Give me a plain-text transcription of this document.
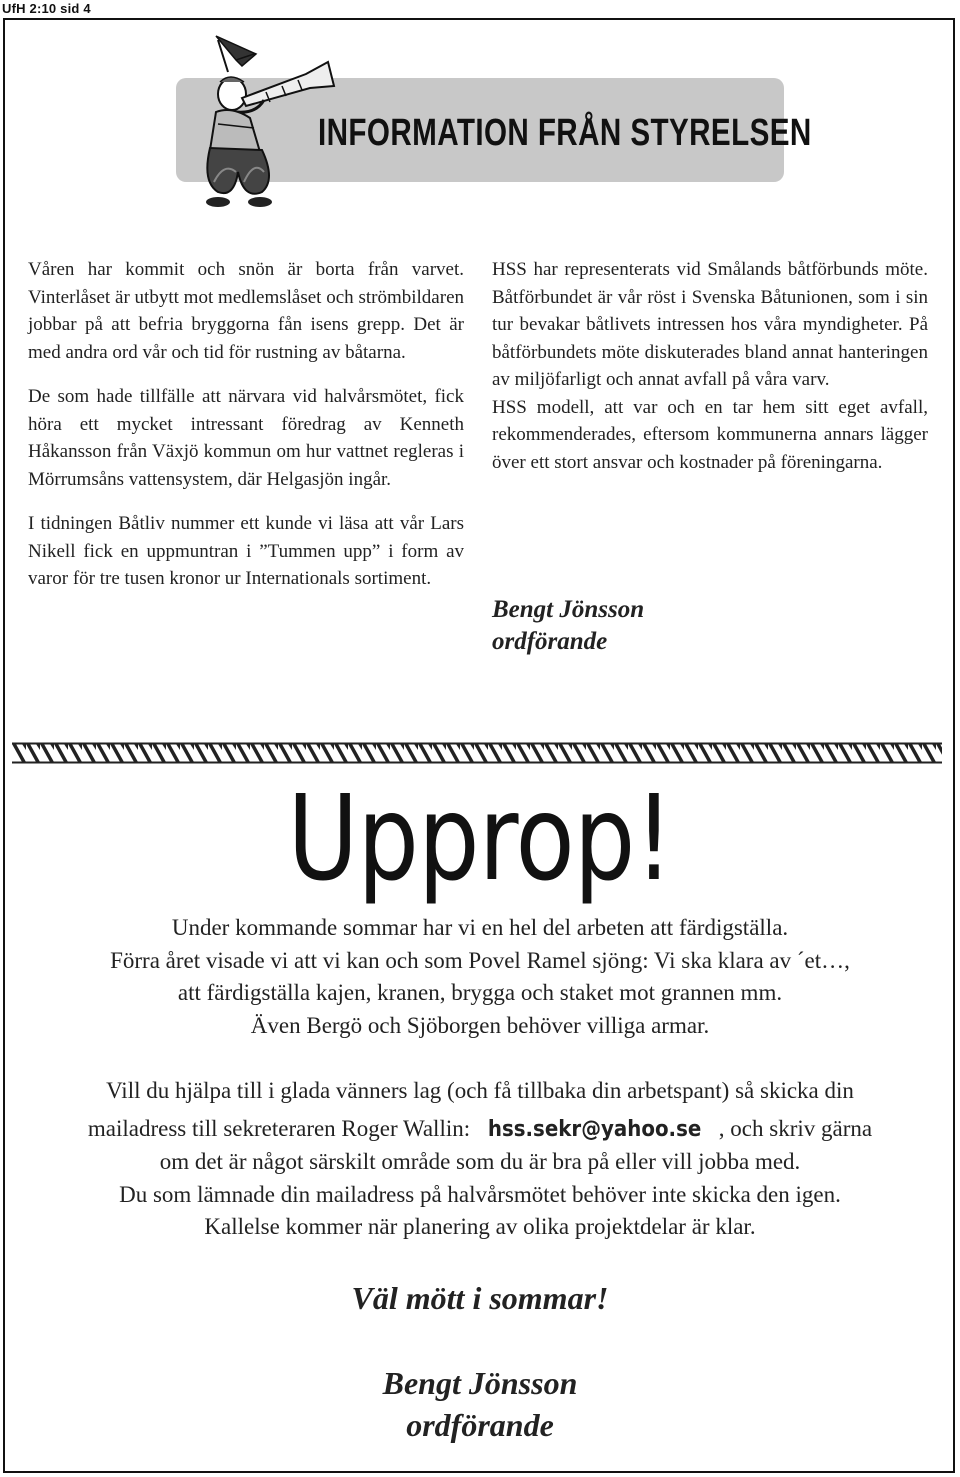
UfH 2:10 sid 4
INFORMATION FRÅN STYRELSEN

Våren har kommit och snön är borta från varvet. Vinterlåset är utbytt mot medlemslåset och strömbildaren jobbar på att befria bryggorna fån isens grepp. Det är med andra ord vår och tid för rustning av båtarna.

De som hade tillfälle att närvara vid halvårsmötet, fick höra ett mycket intressant föredrag av Kenneth Håkansson från Växjö kommun om hur vattnet regleras i Mörrumsåns vattensystem, där Helgasjön ingår.

I tidningen Båtliv nummer ett kunde vi läsa att vår Lars Nikell fick en uppmuntran i ”Tummen upp” i form av varor för tre tusen kronor ur Internationals sortiment.

HSS har representerats vid Smålands båtförbunds möte. Båtförbundet är vår röst i Svenska Båtunionen, som i sin tur bevakar båtlivets intressen hos våra myndigheter. På båtförbundets möte diskuterades bland annat hanteringen av miljöfarligt och annat avfall på våra varv.

HSS modell, att var och en tar hem sitt eget avfall, rekommenderades, eftersom kommunerna annars lägger över ett stort ansvar och kostnader på föreningarna.

Bengt Jönsson
ordförande
Upprop!
Under kommande sommar har vi en hel del arbeten att färdigställa.
Förra året visade vi att vi kan och som Povel Ramel sjöng: Vi ska klara av ´et…,
att färdigställa kajen, kranen, brygga och staket mot grannen mm.
Även Bergö och Sjöborgen behöver villiga armar.
Vill du hjälpa till i glada vänners lag (och få tillbaka din arbetspant) så skicka din
mailadress till sekreteraren Roger Wallin: hss.sekr@yahoo.se , och skriv gärna
om det är något särskilt område som du är bra på eller vill jobba med.
Du som lämnade din mailadress på halvårsmötet behöver inte skicka den igen.
Kallelse kommer när planering av olika projektdelar är klar.
Väl mött i sommar!
Bengt Jönsson
ordförande
